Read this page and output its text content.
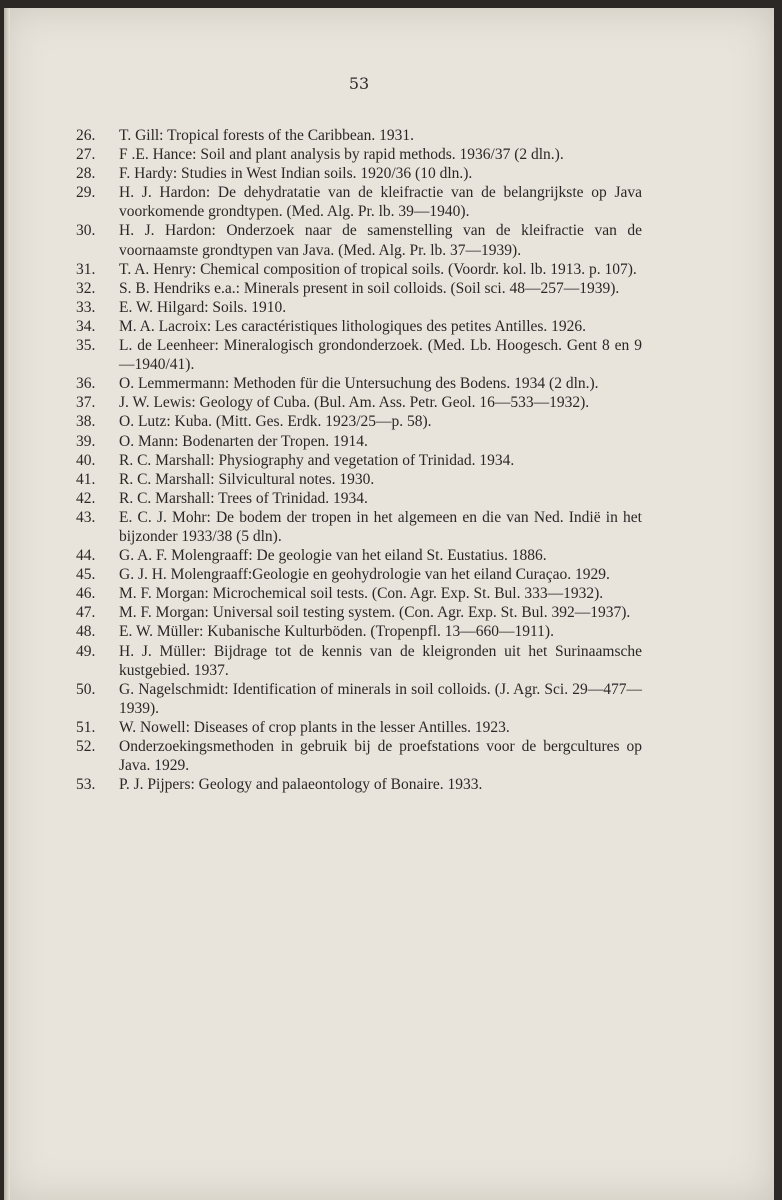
53
26. T. Gill: Tropical forests of the Caribbean. 1931.
27. F .E. Hance: Soil and plant analysis by rapid methods. 1936/37 (2 dln.).
28. F. Hardy: Studies in West Indian soils. 1920/36 (10 dln.).
29. H. J. Hardon: De dehydratatie van de kleifractie van de belangrijkste op Java voorkomende grondtypen. (Med. Alg. Pr. lb. 39—1940).
30. H. J. Hardon: Onderzoek naar de samenstelling van de kleifractie van de voornaamste grondtypen van Java. (Med. Alg. Pr. lb. 37—1939).
31. T. A. Henry: Chemical composition of tropical soils. (Voordr. kol. lb. 1913. p. 107).
32. S. B. Hendriks e.a.: Minerals present in soil colloids. (Soil sci. 48—257—1939).
33. E. W. Hilgard: Soils. 1910.
34. M. A. Lacroix: Les caractéristiques lithologiques des petites Antilles. 1926.
35. L. de Leenheer: Mineralogisch grondonderzoek. (Med. Lb. Hoogesch. Gent 8 en 9—1940/41).
36. O. Lemmermann: Methoden für die Untersuchung des Bodens. 1934 (2 dln.).
37. J. W. Lewis: Geology of Cuba. (Bul. Am. Ass. Petr. Geol. 16—533—1932).
38. O. Lutz: Kuba. (Mitt. Ges. Erdk. 1923/25—p. 58).
39. O. Mann: Bodenarten der Tropen. 1914.
40. R. C. Marshall: Physiography and vegetation of Trinidad. 1934.
41. R. C. Marshall: Silvicultural notes. 1930.
42. R. C. Marshall: Trees of Trinidad. 1934.
43. E. C. J. Mohr: De bodem der tropen in het algemeen en die van Ned. Indië in het bijzonder 1933/38 (5 dln).
44. G. A. F. Molengraaff: De geologie van het eiland St. Eustatius. 1886.
45. G. J. H. Molengraaff:Geologie en geohydrologie van het eiland Curaçao. 1929.
46. M. F. Morgan: Microchemical soil tests. (Con. Agr. Exp. St. Bul. 333—1932).
47. M. F. Morgan: Universal soil testing system. (Con. Agr. Exp. St. Bul. 392—1937).
48. E. W. Müller: Kubanische Kulturböden. (Tropenpfl. 13—660—1911).
49. H. J. Müller: Bijdrage tot de kennis van de kleigronden uit het Surinaamsche kustgebied. 1937.
50. G. Nagelschmidt: Identification of minerals in soil colloids. (J. Agr. Sci. 29—477—1939).
51. W. Nowell: Diseases of crop plants in the lesser Antilles. 1923.
52. Onderzoekingsmethoden in gebruik bij de proefstations voor de bergcultures op Java. 1929.
53. P. J. Pijpers: Geology and palaeontology of Bonaire. 1933.
